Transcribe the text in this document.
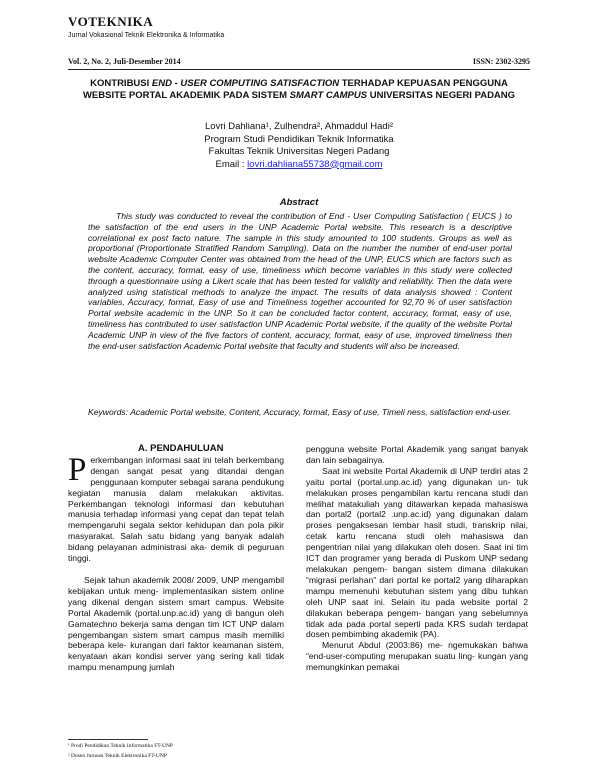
VOTEKNIKA
Jurnal Vokasional Teknik Elektronika & Informatika
Vol. 2, No. 2, Juli-Desember 2014	ISSN: 2302-3295
KONTRIBUSI END - USER COMPUTING SATISFACTION TERHADAP KEPUASAN PENGGUNA WEBSITE PORTAL AKADEMIK PADA SISTEM SMART CAMPUS UNIVERSITAS NEGERI PADANG
Lovri Dahliana¹, Zulhendra², Ahmaddul Hadi²
Program Studi Pendidikan Teknik Informatika
Fakultas Teknik Universitas Negeri Padang
Email : lovri.dahliana55738@gmail.com
Abstract

This study was conducted to reveal the contribution of End - User Computing Satisfaction ( EUCS ) to the satisfaction of the end users in the UNP Academic Portal website. This research is a descriptive correlational ex post facto nature. The sample in this study amounted to 100 students. Groups as well as proportional (Proportionate Stratified Random Sampling). Data on the number the number of end-user portal website Academic Computer Center was obtained from the head of the UNP, EUCS which are factors such as the content, accuracy, format, easy of use, timeliness which become variables in this study were collected through a questionnaire using a Likert scale that has been tested for validity and reliability. Then the data were analyzed using statistical methods to analyze the impact. The results of data analysis showed : Content variables, Accuracy, format, Easy of use and Timeliness together accounted for 92,70 % of user satisfaction Portal website academic in the UNP. So it can be concluded factor content, accuracy, format, easy of use, timeliness has contributed to user satisfaction UNP Academic Portal website, if the quality of the website Portal Academic UNP in view of the five factors of content, accuracy, format, easy of use, improved timeliness then the end-user satisfaction Academic Portal website that faculty and students will also be increased.

Keywords: Academic Portal website, Content, Accuracy, format, Easy of use, Timeli ness, satisfaction end-user.

A. PENDAHULUAN

Perkembangan informasi saat ini telah berkembang dengan sangat pesat yang ditandai dengan penggunaan komputer sebagai sarana pendukung kegiatan manusia dalam melakukan aktivitas. Perkembangan teknologi informasi dan kebutuhan manusia terhadap informasi yang cepat dan tepat telah mempengaruhi segala sektor kehidupan dan pola pikir masyarakat. Salah satu bidang yang banyak adalah bidang pelayanan administrasi aka- demik di peguruan tinggi.

Sejak tahun akademik 2008/ 2009, UNP mengambil kebijakan untuk meng- implementasikan sistem online yang dikenal dengan sistem smart campus. Website Portal Akademik (portal.unp.ac.id) yang di bangun oleh Gamatechno bekerja sama dengan tim ICT UNP dalam pengembangan sistem smart campus masih memiliki beberapa kele- kurangan dari faktor keamanan sistem, kenyataan akan kondisi server yang sering kali tidak mampu menampung jumlah

pengguna website Portal Akademik yang sangat banyak dan lain sebagainya.

Saat ini website Portal Akademik di UNP terdiri atas 2 yaitu portal (portal.unp.ac.id) yang digunakan un- tuk melakukan proses pengambilan kartu rencana studi dan melihat matakuliah yang ditawarkan kepada mahasiswa dan portal2 (portal2 .unp.ac.id) yang digunakan dalam proses pengaksesan lembar hasil studi, transkrip nilai, cetak kartu rencana studi oleh mahasiswa dan pengentrian nilai yang dilakukan oleh dosen. Saat ini tim ICT dan programer yang berada di Puskom UNP sedang melakukan pengem- bangan sistem dimana dilakukan “migrasi perlahan” dari portal ke portal2 yang diharapkan mampu memenuhi kebutuhan sistem yang dibu tuhkan oleh UNP saat ini. Selain itu pada website portal 2 dilakukan beberapa pengem- bangan yang sebelumnya tidak ada pada portal seperti pada KRS sudah terdapat dosen pembimbing akademik (PA).

Menurut Abdul (2003:86) me- ngemukakan bahwa “end-user-computing merupakan suatu ling- kungan yang memungkinkan pemakai

¹ Prodi Pendidikan Teknik Informatika FT-UNP
² Dosen Jurusan Teknik Elektronika FT-UNP
